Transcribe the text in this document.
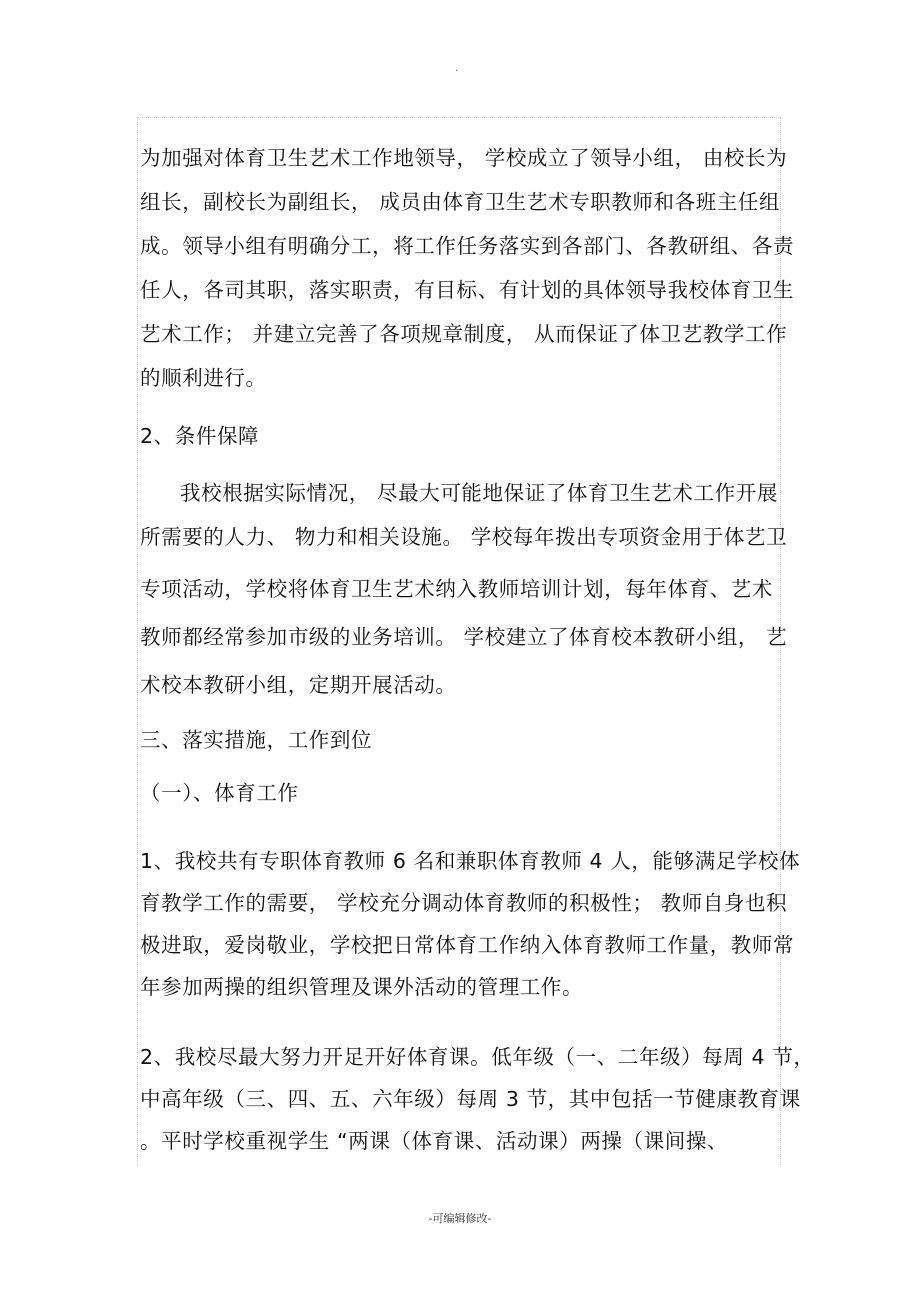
.
为加强对体育卫生艺术工作地领导， 学校成立了领导小组， 由校长为
组长，副校长为副组长， 成员由体育卫生艺术专职教师和各班主任组
成。领导小组有明确分工，将工作任务落实到各部门、各教研组、各责
任人，各司其职，落实职责，有目标、有计划的具体领导我校体育卫生
艺术工作； 并建立完善了各项规章制度， 从而保证了体卫艺教学工作
的顺利进行。
2、条件保障
我校根据实际情况， 尽最大可能地保证了体育卫生艺术工作开展
所需要的人力、 物力和相关设施。 学校每年拨出专项资金用于体艺卫
专项活动，学校将体育卫生艺术纳入教师培训计划，每年体育、艺术
教师都经常参加市级的业务培训。 学校建立了体育校本教研小组， 艺
术校本教研小组，定期开展活动。
三、落实措施，工作到位
（一）、体育工作
1、我校共有专职体育教师 6 名和兼职体育教师 4 人，能够满足学校体
育教学工作的需要， 学校充分调动体育教师的积极性； 教师自身也积
极进取，爱岗敬业，学校把日常体育工作纳入体育教师工作量，教师常
年参加两操的组织管理及课外活动的管理工作。
2、我校尽最大努力开足开好体育课。低年级（一、二年级）每周 4 节，
中高年级（三、四、五、六年级）每周 3 节，其中包括一节健康教育课
。平时学校重视学生 “两课（体育课、活动课）两操（课间操、
-可编辑修改-
